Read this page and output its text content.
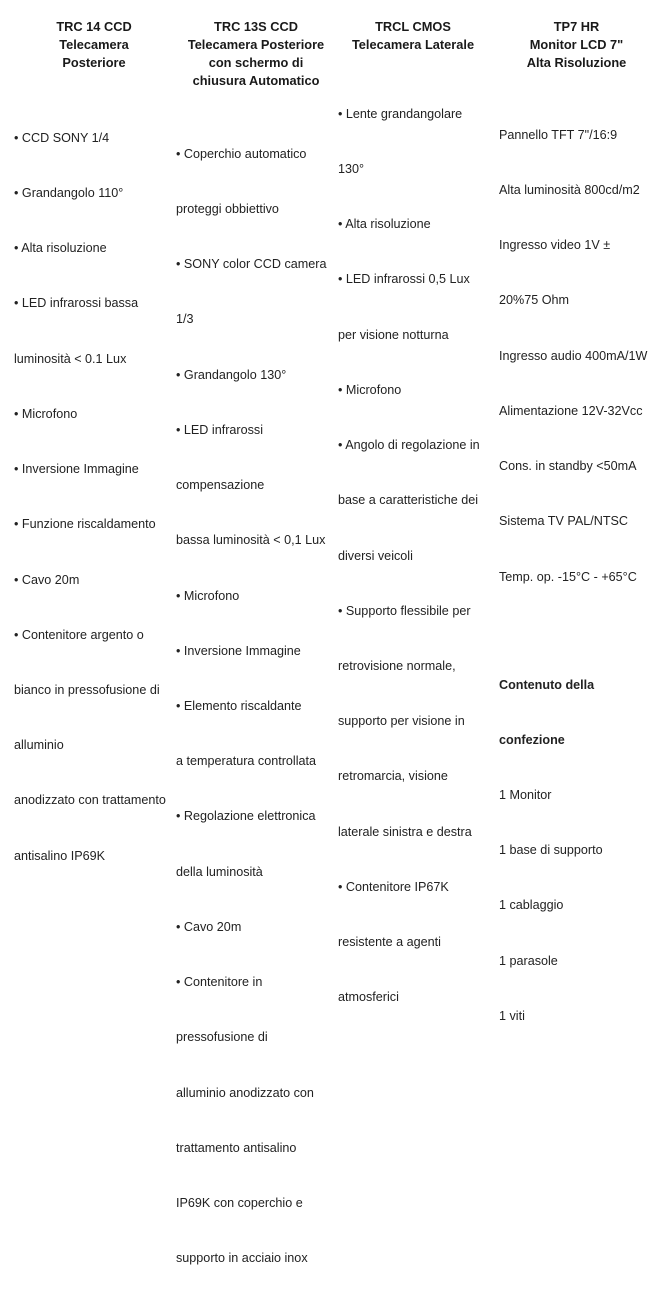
TRC 14 CCD
Telecamera
Posteriore

• CCD SONY 1/4

• Grandangolo 110°

• Alta risoluzione

• LED infrarossi bassa

luminosità < 0.1 Lux

• Microfono

• Inversione Immagine

• Funzione riscaldamento

• Cavo 20m

• Contenitore argento o

bianco in pressofusione di

alluminio

anodizzato con trattamento

antisalino IP69K

TRC 13S CCD
Telecamera Posteriore
con schermo di
chiusura Automatico

• Coperchio automatico

proteggi obbiettivo

• SONY color CCD camera

1/3

• Grandangolo 130°

• LED infrarossi

compensazione

bassa luminosità < 0,1 Lux

• Microfono

• Inversione Immagine

• Elemento riscaldante

a temperatura controllata

• Regolazione elettronica

della luminosità

• Cavo 20m

• Contenitore in

pressofusione di

alluminio anodizzato con

trattamento antisalino

IP69K con coperchio e

supporto in acciaio inox

TRCL CMOS
Telecamera Laterale

• Lente grandangolare

130°

• Alta risoluzione

• LED infrarossi 0,5 Lux

per visione notturna

• Microfono

• Angolo di regolazione in

base a caratteristiche dei

diversi veicoli

• Supporto flessibile per

retrovisione normale,

supporto per visione in

retromarcia, visione

laterale sinistra e destra

• Contenitore IP67K

resistente a agenti

atmosferici

TP7 HR
Monitor LCD 7"
Alta Risoluzione

Pannello TFT 7"/16:9

Alta luminosità 800cd/m2

Ingresso video 1V ±

20%75 Ohm

Ingresso audio 400mA/1W

Alimentazione 12V-32Vcc

Cons. in standby <50mA

Sistema TV PAL/NTSC

Temp. op. -15°C - +65°C

Contenuto della

confezione

1 Monitor

1 base di supporto

1 cablaggio

1 parasole

1 viti
